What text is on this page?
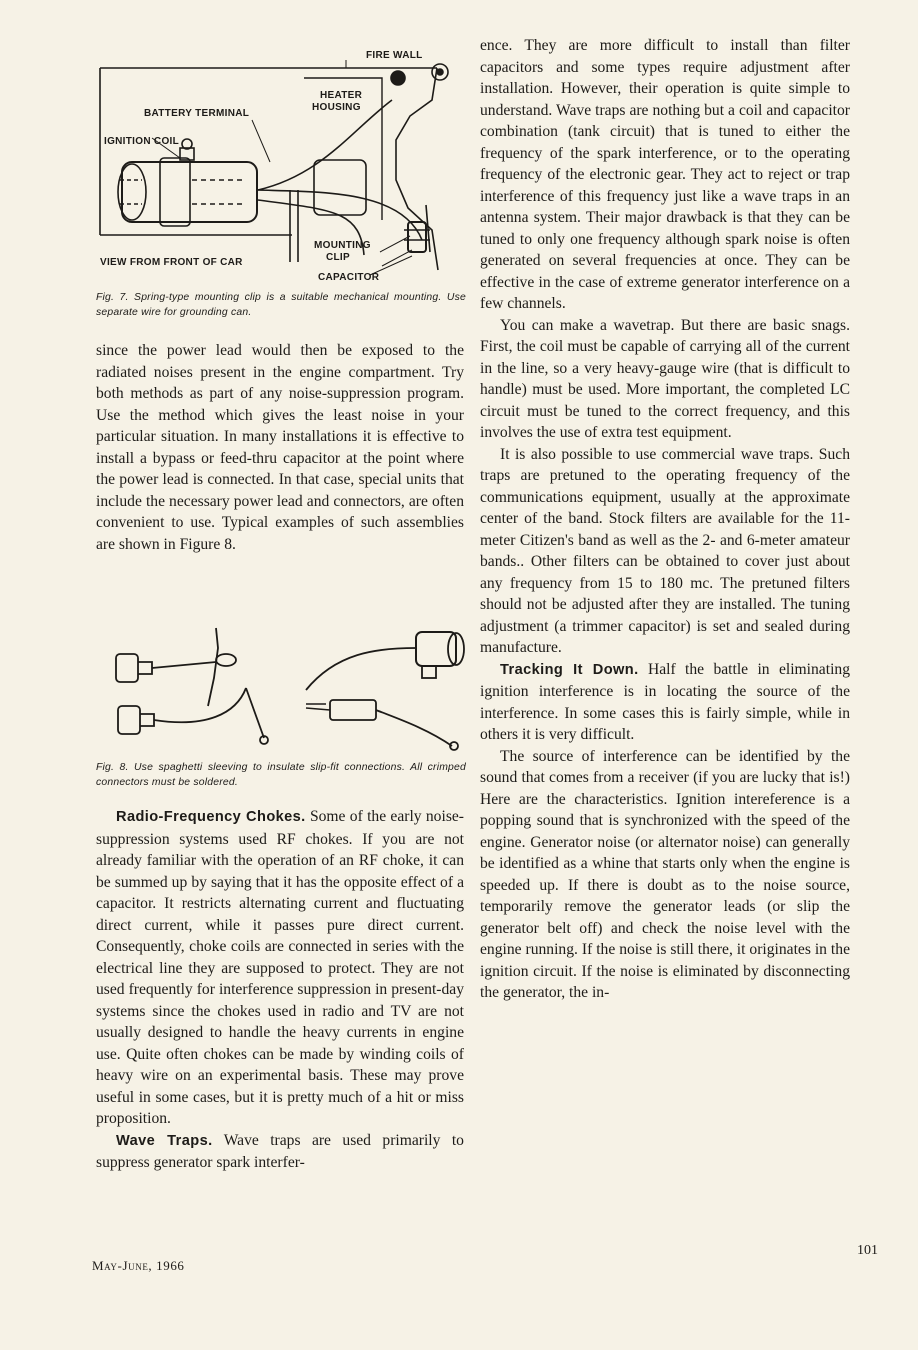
FIRE WALL
HEATER
HOUSING
BATTERY TERMINAL
IGNITION COIL
VIEW FROM FRONT OF CAR
MOUNTING
CLIP
CAPACITOR

Fig. 7. Spring-type mounting clip is a suitable mechanical mounting. Use separate wire for grounding can.

since the power lead would then be exposed to the radiated noises present in the engine compartment. Try both methods as part of any noise-suppression program. Use the method which gives the least noise in your particular situation. In many installations it is effective to install a bypass or feed-thru capacitor at the point where the power lead is connected. In that case, special units that include the necessary power lead and connectors, are often convenient to use. Typical examples of such assemblies are shown in Figure 8.

Fig. 8. Use spaghetti sleeving to insulate slip-fit connections. All crimped connectors must be soldered.

Radio-Frequency Chokes. Some of the early noise-suppression systems used RF chokes. If you are not already familiar with the operation of an RF choke, it can be summed up by saying that it has the opposite effect of a capacitor. It restricts alternating current and fluctuating direct current, while it passes pure direct current. Consequently, choke coils are connected in series with the electrical line they are supposed to protect. They are not used frequently for interference suppression in present-day systems since the chokes used in radio and TV are not usually designed to handle the heavy currents in engine use. Quite often chokes can be made by winding coils of heavy wire on an experimental basis. These may prove useful in some cases, but it is pretty much of a hit or miss proposition.

Wave Traps. Wave traps are used primarily to suppress generator spark interfer-

ence. They are more difficult to install than filter capacitors and some types require adjustment after installation. However, their operation is quite simple to understand. Wave traps are nothing but a coil and capacitor combination (tank circuit) that is tuned to either the frequency of the spark interference, or to the operating frequency of the electronic gear. They act to reject or trap interference of this frequency just like a wave traps in an antenna system. Their major drawback is that they can be tuned to only one frequency although spark noise is often generated on several frequencies at once. They can be effective in the case of extreme generator interference on a few channels.

You can make a wavetrap. But there are basic snags. First, the coil must be capable of carrying all of the current in the line, so a very heavy-gauge wire (that is difficult to handle) must be used. More important, the completed LC circuit must be tuned to the correct frequency, and this involves the use of extra test equipment.

It is also possible to use commercial wave traps. Such traps are pretuned to the operating frequency of the communications equipment, usually at the approximate center of the band. Stock filters are available for the 11-meter Citizen's band as well as the 2- and 6-meter amateur bands.. Other filters can be obtained to cover just about any frequency from 15 to 180 mc. The pretuned filters should not be adjusted after they are installed. The tuning adjustment (a trimmer capacitor) is set and sealed during manufacture.

Tracking It Down. Half the battle in eliminating ignition interference is in locating the source of the interference. In some cases this is fairly simple, while in others it is very difficult.

The source of interference can be identified by the sound that comes from a receiver (if you are lucky that is!) Here are the characteristics. Ignition intereference is a popping sound that is synchronized with the speed of the engine. Generator noise (or alternator noise) can generally be identified as a whine that starts only when the engine is speeded up. If there is doubt as to the noise source, temporarily remove the generator leads (or slip the generator belt off) and check the noise level with the engine running. If the noise is still there, it originates in the ignition circuit. If the noise is eliminated by disconnecting the generator, the in-

May-June, 1966
101
